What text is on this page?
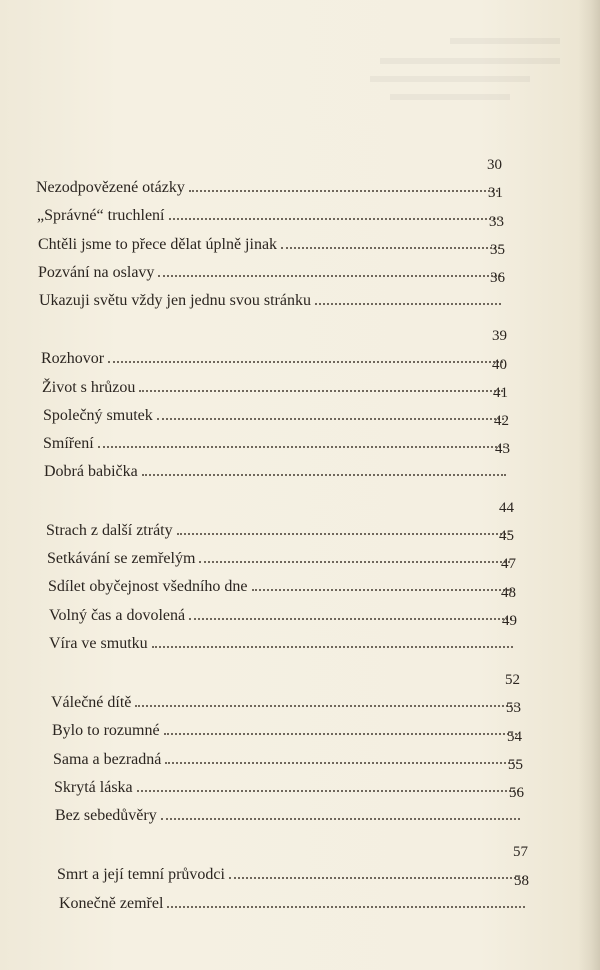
Nezodpovězené otázky
30
„Správné“ truchlení
31
Chtěli jsme to přece dělat úplně jinak
33
Pozvání na oslavy
35
Ukazuji světu vždy jen jednu svou stránku
36
Rozhovor
39
Život s hrůzou
40
Společný smutek
41
Smíření
42
Dobrá babička
43
Strach z další ztráty
44
Setkávání se zemřelým
45
Sdílet obyčejnost všedního dne
47
Volný čas a dovolená
48
Víra ve smutku
49
Válečné dítě
52
Bylo to rozumné
53
Sama a bezradná
54
Skrytá láska
55
Bez sebedůvěry
56
Smrt a její temní průvodci
57
Konečně zemřel
58
